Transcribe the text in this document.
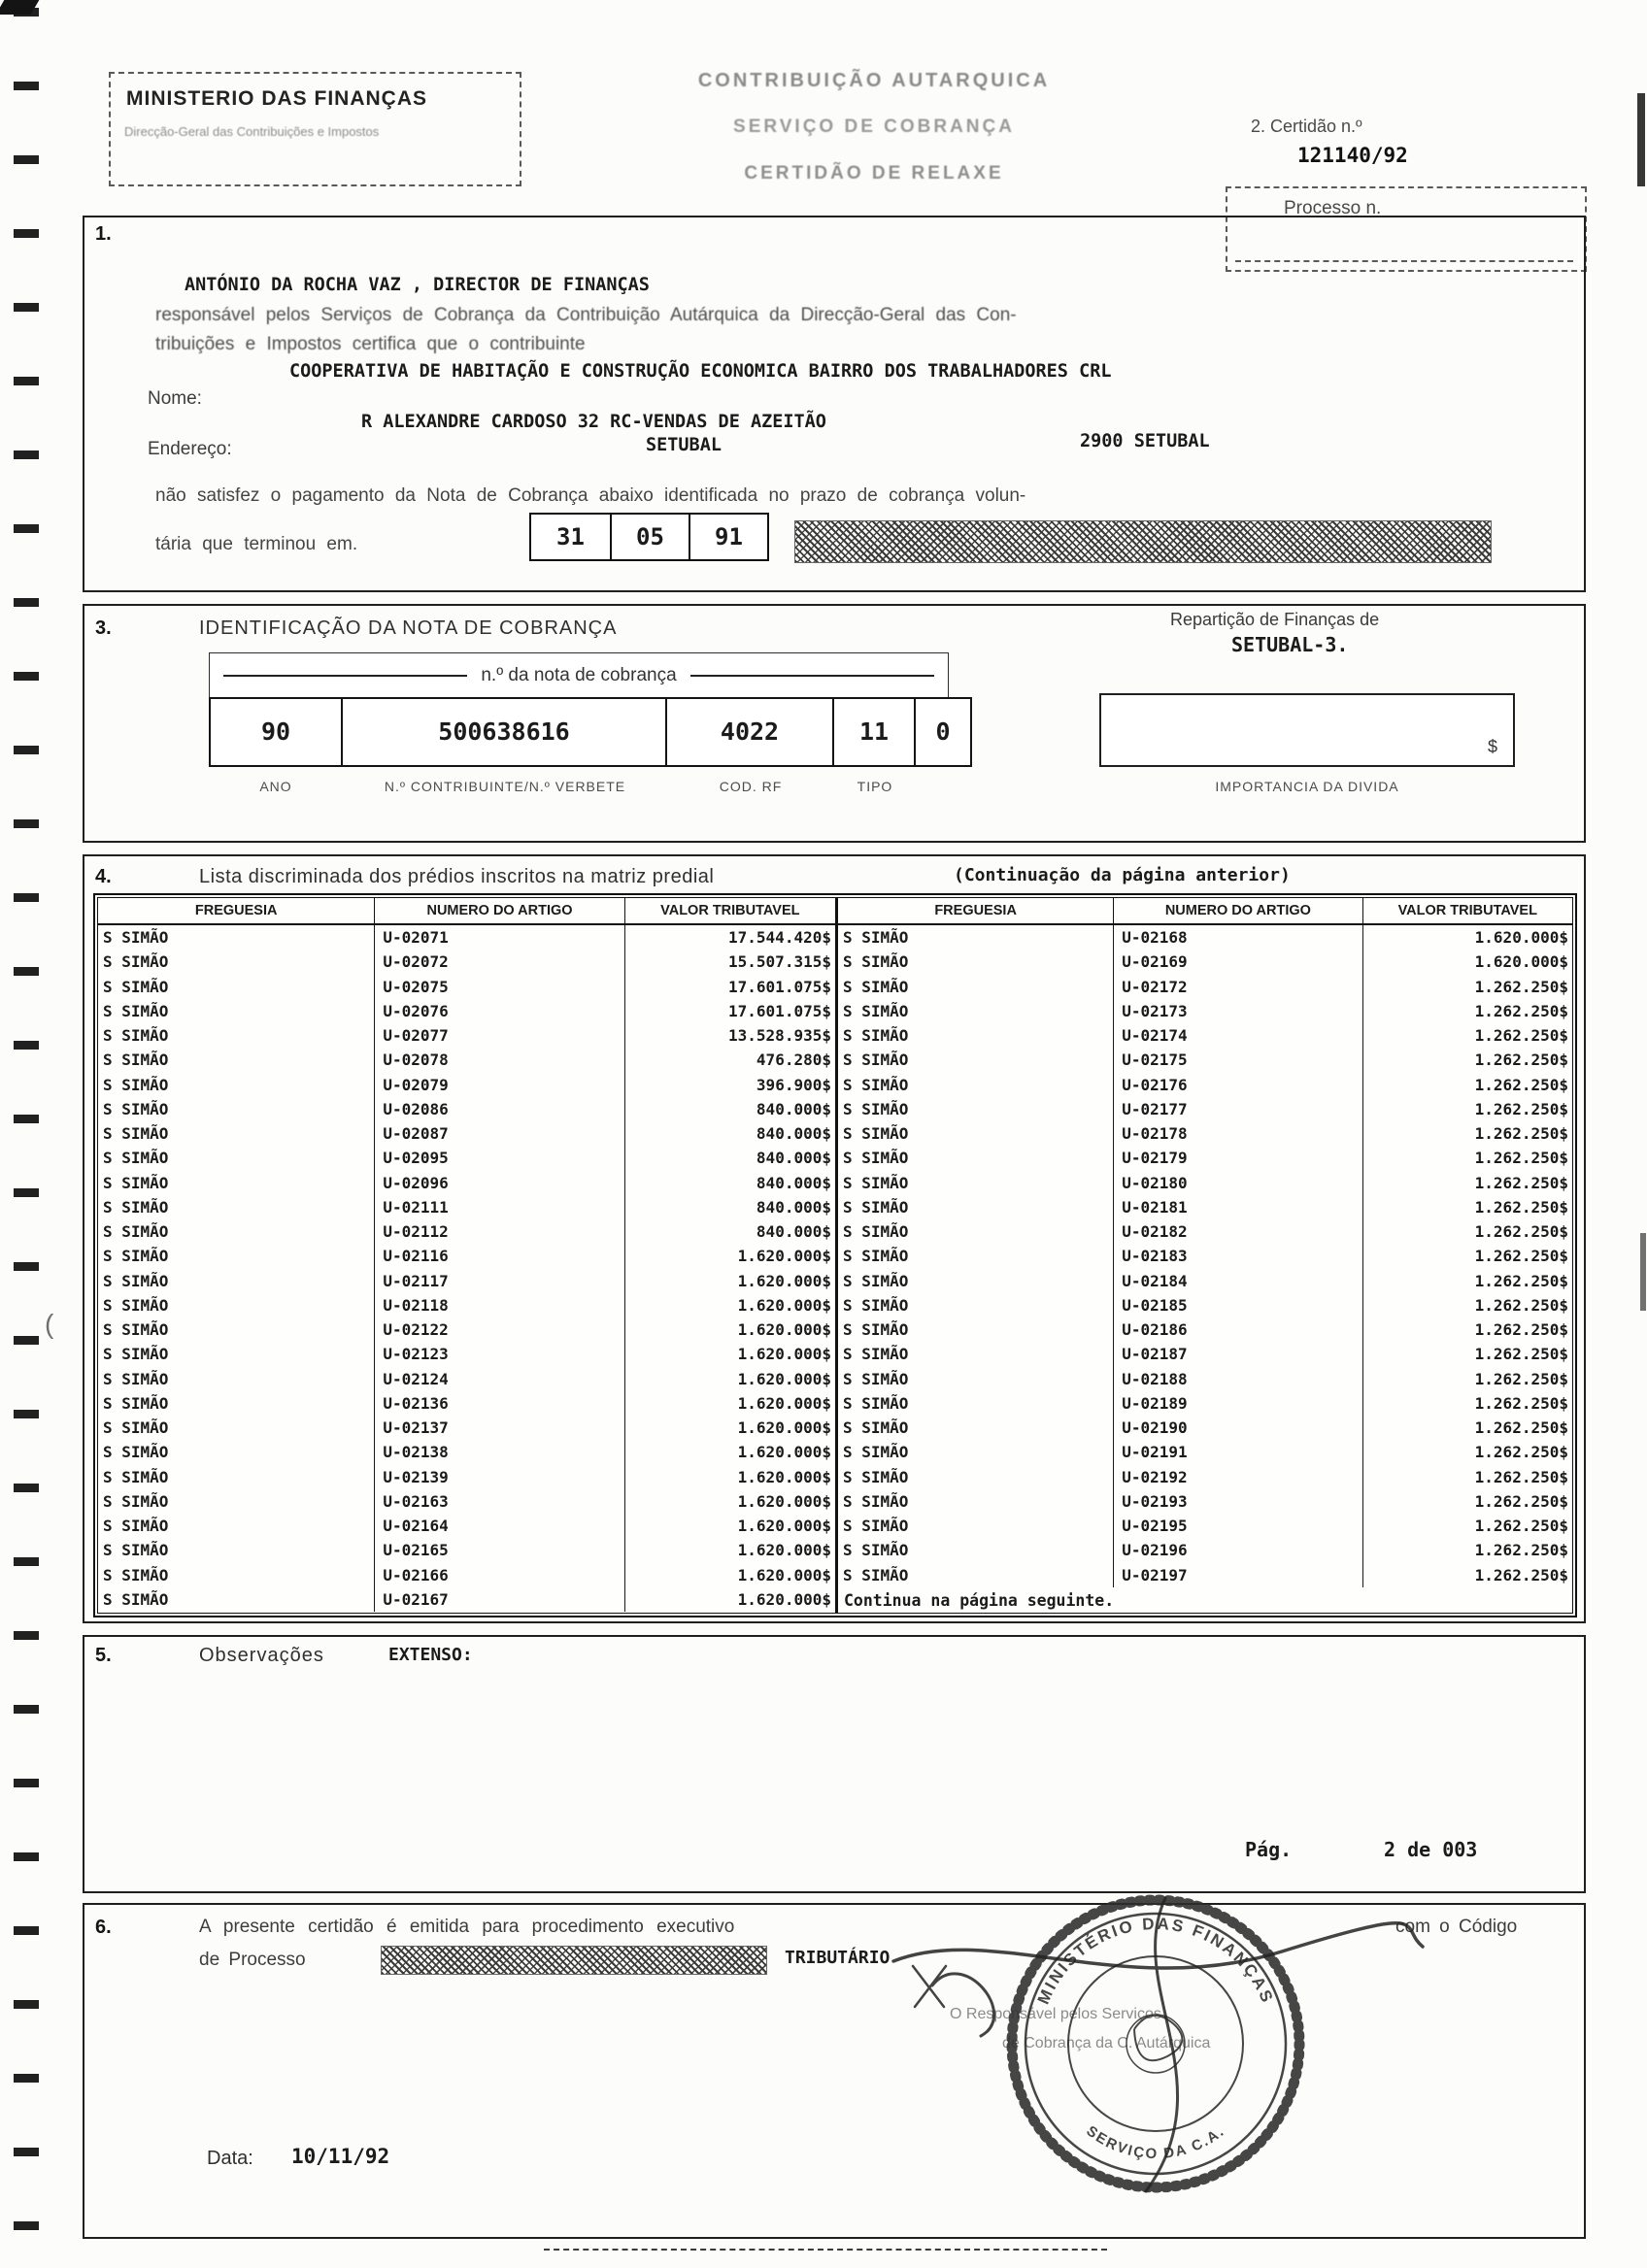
(
MINISTERIO DAS FINANÇAS
Direcção-Geral das Contribuições e Impostos
CONTRIBUIÇÃO AUTARQUICA
SERVIÇO DE COBRANÇA
CERTIDÃO DE RELAXE
2. Certidão n.º
121140/92
Processo n.
1.
ANTÓNIO DA ROCHA VAZ , DIRECTOR DE FINANÇAS
responsável pelos Serviços de Cobrança da Contribuição Autárquica da Direcção-Geral das Con-
tribuições e Impostos certifica que o contribuinte
COOPERATIVA DE HABITAÇÃO E CONSTRUÇÃO ECONOMICA BAIRRO DOS TRABALHADORES CRL
Nome:
R ALEXANDRE CARDOSO 32 RC-VENDAS DE AZEITÃO
Endereço:	SETUBAL	2900 SETUBAL
não satisfez o pagamento da Nota de Cobrança abaixo identificada no prazo de cobrança volun-
tária que terminou em.	31	05	91
3.	IDENTIFICAÇÃO DA NOTA DE COBRANÇA	Repartição de Finanças de
SETUBAL-3.
n.º da nota de cobrança
90	500638616	4022	11	0
ANO	N.º CONTRIBUINTE/N.º VERBETE	COD. RF	TIPO
$
IMPORTANCIA DA DIVIDA
4.	Lista discriminada dos prédios inscritos na matriz predial	(Continuação da página anterior)
FREGUESIA	NUMERO DO ARTIGO	VALOR TRIBUTAVEL
S SIMÃO	U-02071	17.544.420$
S SIMÃO	U-02072	15.507.315$
S SIMÃO	U-02075	17.601.075$
S SIMÃO	U-02076	17.601.075$
S SIMÃO	U-02077	13.528.935$
S SIMÃO	U-02078	476.280$
S SIMÃO	U-02079	396.900$
S SIMÃO	U-02086	840.000$
S SIMÃO	U-02087	840.000$
S SIMÃO	U-02095	840.000$
S SIMÃO	U-02096	840.000$
S SIMÃO	U-02111	840.000$
S SIMÃO	U-02112	840.000$
S SIMÃO	U-02116	1.620.000$
S SIMÃO	U-02117	1.620.000$
S SIMÃO	U-02118	1.620.000$
S SIMÃO	U-02122	1.620.000$
S SIMÃO	U-02123	1.620.000$
S SIMÃO	U-02124	1.620.000$
S SIMÃO	U-02136	1.620.000$
S SIMÃO	U-02137	1.620.000$
S SIMÃO	U-02138	1.620.000$
S SIMÃO	U-02139	1.620.000$
S SIMÃO	U-02163	1.620.000$
S SIMÃO	U-02164	1.620.000$
S SIMÃO	U-02165	1.620.000$
S SIMÃO	U-02166	1.620.000$
S SIMÃO	U-02167	1.620.000$
FREGUESIA	NUMERO DO ARTIGO	VALOR TRIBUTAVEL
S SIMÃO	U-02168	1.620.000$
S SIMÃO	U-02169	1.620.000$
S SIMÃO	U-02172	1.262.250$
S SIMÃO	U-02173	1.262.250$
S SIMÃO	U-02174	1.262.250$
S SIMÃO	U-02175	1.262.250$
S SIMÃO	U-02176	1.262.250$
S SIMÃO	U-02177	1.262.250$
S SIMÃO	U-02178	1.262.250$
S SIMÃO	U-02179	1.262.250$
S SIMÃO	U-02180	1.262.250$
S SIMÃO	U-02181	1.262.250$
S SIMÃO	U-02182	1.262.250$
S SIMÃO	U-02183	1.262.250$
S SIMÃO	U-02184	1.262.250$
S SIMÃO	U-02185	1.262.250$
S SIMÃO	U-02186	1.262.250$
S SIMÃO	U-02187	1.262.250$
S SIMÃO	U-02188	1.262.250$
S SIMÃO	U-02189	1.262.250$
S SIMÃO	U-02190	1.262.250$
S SIMÃO	U-02191	1.262.250$
S SIMÃO	U-02192	1.262.250$
S SIMÃO	U-02193	1.262.250$
S SIMÃO	U-02195	1.262.250$
S SIMÃO	U-02196	1.262.250$
S SIMÃO	U-02197	1.262.250$
Continua na página seguinte.
5.	Observações	EXTENSO:
Pág.	2 de 003
6.	A presente certidão é emitida para procedimento executivo	com o Código
de Processo	TRIBUTÁRIO
O Responsável pelos Serviços
de Cobrança da C. Autárquica
MINISTÉRIO DAS FINANÇAS
SERVIÇO DA C.A.
Data: 10/11/92
